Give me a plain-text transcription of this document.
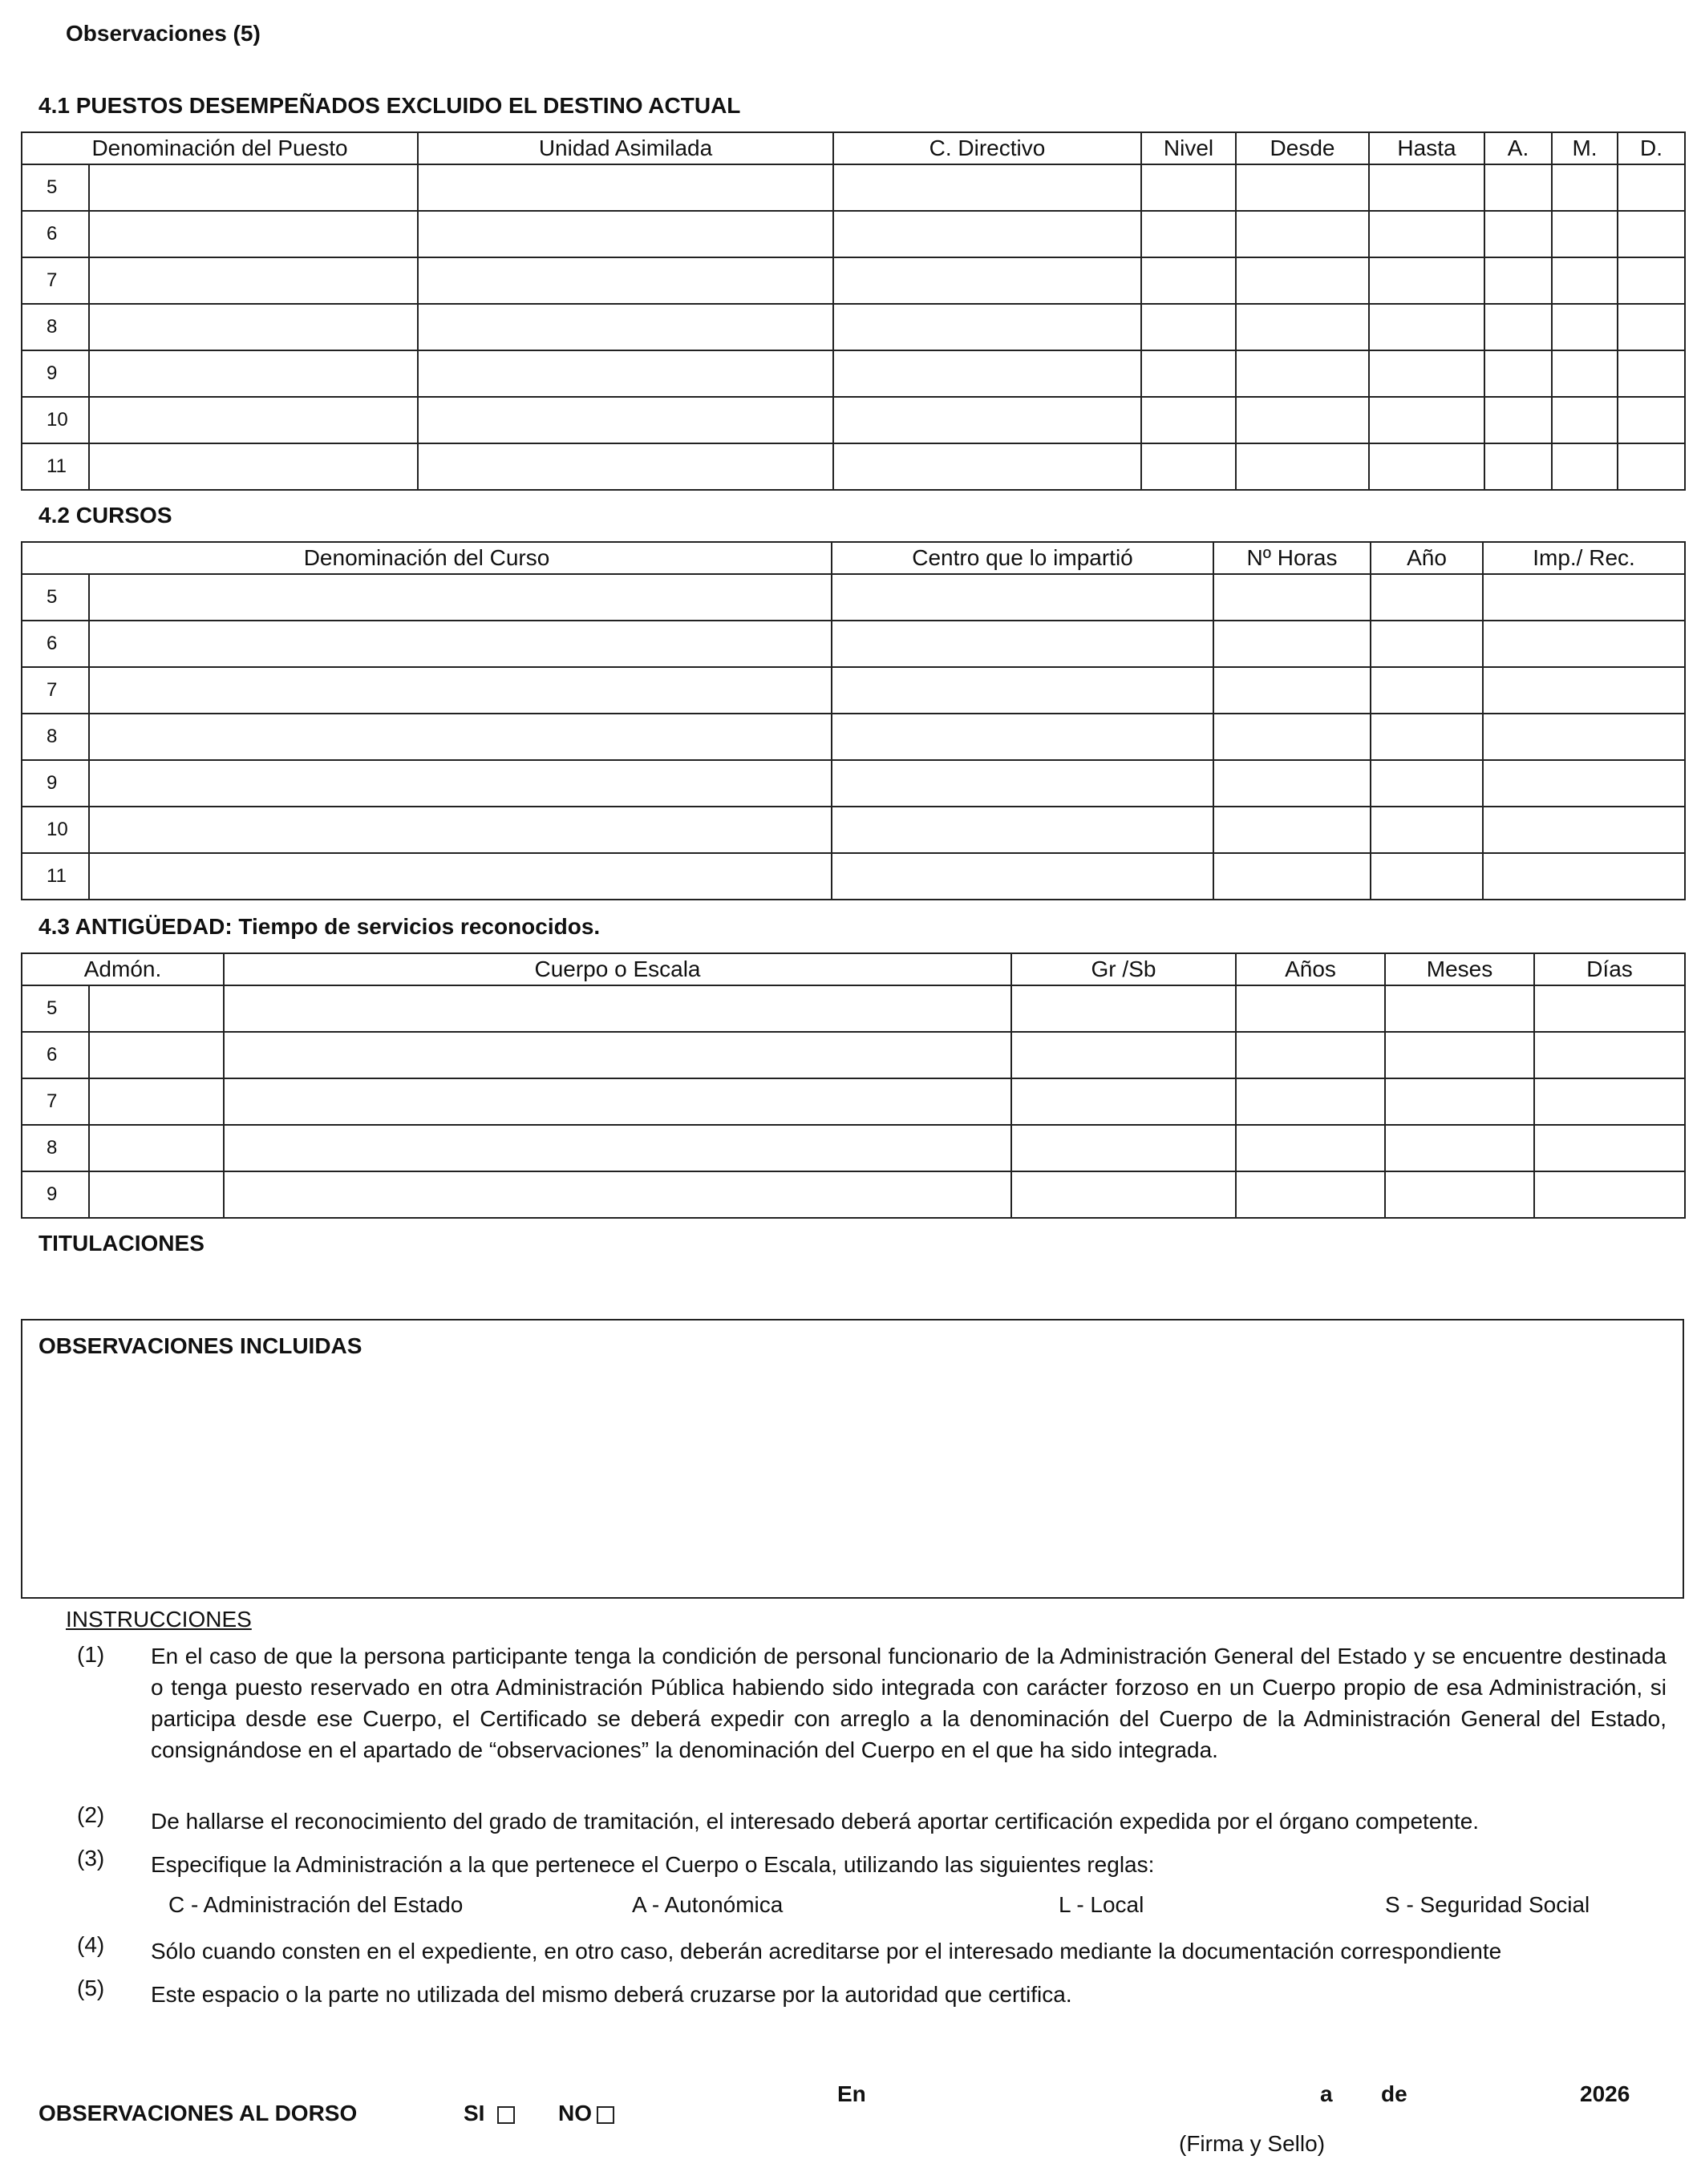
Observaciones (5)
4.1 PUESTOS DESEMPEÑADOS EXCLUIDO EL DESTINO ACTUAL
Denominación del Puesto		Unidad Asimilada	C. Directivo	Nivel	Desde	Hasta	A.	M.	D.
5									
6									
7									
8									
9									
10									
11									
4.2 CURSOS
Denominación del Curso		Centro que lo impartió	Nº Horas	Año	Imp./ Rec.
5					
6					
7					
8					
9					
10					
11					
4.3 ANTIGÜEDAD: Tiempo de servicios reconocidos.
Admón.		Cuerpo o Escala	Gr /Sb	Años	Meses	Días
5						
6						
7						
8						
9						
TITULACIONES
OBSERVACIONES INCLUIDAS
INSTRUCCIONES
(1) En el caso de que la persona participante tenga la condición de personal funcionario de la Administración General del Estado y se encuentre destinada o tenga puesto reservado en otra Administración Pública habiendo sido integrada con carácter forzoso en un Cuerpo propio de esa Administración, si participa desde ese Cuerpo, el Certificado se deberá expedir con arreglo a la denominación del Cuerpo de la Administración General del Estado, consignándose en el apartado de “observaciones” la denominación del Cuerpo en el que ha sido integrada.
(2) De hallarse el reconocimiento del grado de tramitación, el interesado deberá aportar certificación expedida por el órgano competente.
(3) Especifique la Administración a la que pertenece el Cuerpo o Escala, utilizando las siguientes reglas:
C - Administración del Estado	A - Autonómica	L - Local	S - Seguridad Social
(4) Sólo cuando consten en el expediente, en otro caso, deberán acreditarse por el interesado mediante la documentación correspondiente
(5) Este espacio o la parte no utilizada del mismo deberá cruzarse por la autoridad que certifica.
OBSERVACIONES AL DORSO	SI	NO
En	a de	2026
(Firma y Sello)
